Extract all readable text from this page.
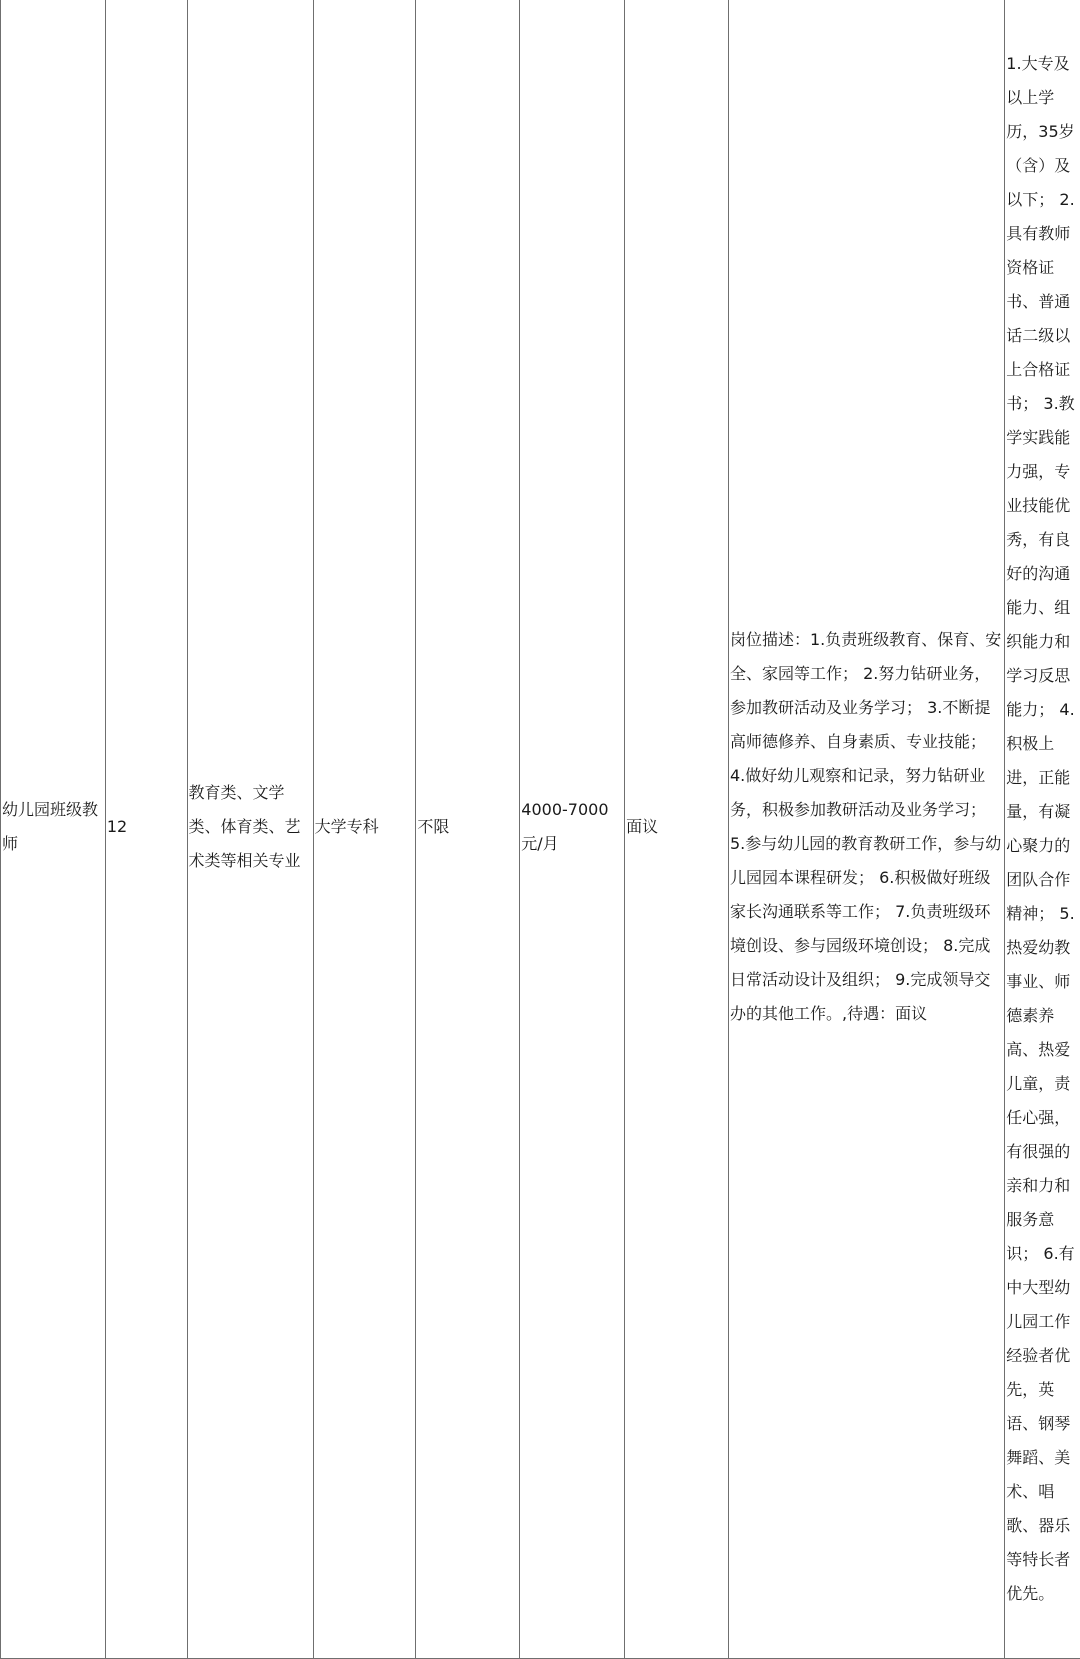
幼儿园班级教师

12

教育类、文学类、体育类、艺术类等相关专业

大学专科	不限

4000-7000元/月

面议

岗位描述：1.负责班级教育、保育、安全、家园等工作； 2.努力钻研业务，参加教研活动及业务学习； 3.不断提高师德修养、自身素质、专业技能； 4.做好幼儿观察和记录，努力钻研业务，积极参加教研活动及业务学习； 5.参与幼儿园的教育教研工作，参与幼儿园园本课程研发； 6.积极做好班级家长沟通联系等工作； 7.负责班级环境创设、参与园级环境创设； 8.完成日常活动设计及组织； 9.完成领导交办的其他工作。,待遇：面议

1.大专及以上学历，35岁（含）及以下； 2.具有教师资格证书、普通话二级以上合格证书； 3.教学实践能力强，专业技能优秀，有良好的沟通能力、组织能力和学习反思能力； 4.积极上进，正能量，有凝心聚力的团队合作精神； 5.热爱幼教事业、师德素养高、热爱儿童，责任心强，有很强的亲和力和服务意识； 6.有中大型幼儿园工作经验者优先，英语、钢琴舞蹈、美术、唱歌、器乐等特长者优先。
